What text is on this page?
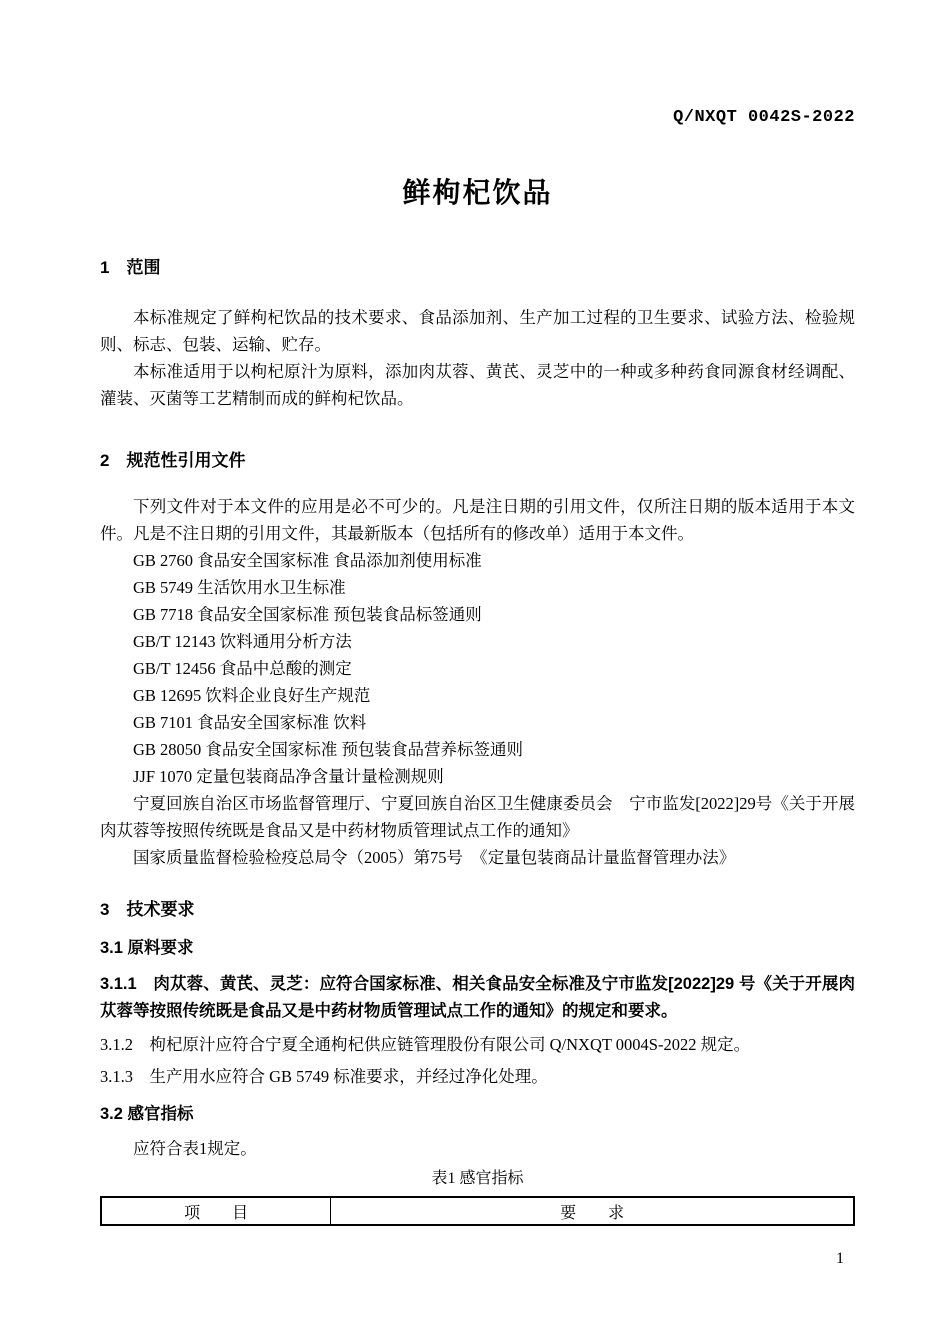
Q/NXQT 0042S-2022
鲜枸杞饮品
1　范围

本标准规定了鲜枸杞饮品的技术要求、食品添加剂、生产加工过程的卫生要求、试验方法、检验规则、标志、包装、运输、贮存。

本标准适用于以枸杞原汁为原料，添加肉苁蓉、黄芪、灵芝中的一种或多种药食同源食材经调配、灌装、灭菌等工艺精制而成的鲜枸杞饮品。

2　规范性引用文件

下列文件对于本文件的应用是必不可少的。凡是注日期的引用文件，仅所注日期的版本适用于本文件。凡是不注日期的引用文件，其最新版本（包括所有的修改单）适用于本文件。

GB 2760 食品安全国家标准 食品添加剂使用标准

GB 5749 生活饮用水卫生标准

GB 7718 食品安全国家标准 预包装食品标签通则

GB/T 12143 饮料通用分析方法

GB/T 12456 食品中总酸的测定

GB 12695 饮料企业良好生产规范

GB 7101 食品安全国家标准 饮料

GB 28050 食品安全国家标准 预包装食品营养标签通则

JJF 1070 定量包装商品净含量计量检测规则

宁夏回族自治区市场监督管理厅、宁夏回族自治区卫生健康委员会　宁市监发[2022]29号《关于开展肉苁蓉等按照传统既是食品又是中药材物质管理试点工作的通知》

国家质量监督检验检疫总局令（2005）第75号　《定量包装商品计量监督管理办法》

3　技术要求
3.1 原料要求

3.1.1　肉苁蓉、黄芪、灵芝：应符合国家标准、相关食品安全标准及宁市监发[2022]29 号《关于开展肉苁蓉等按照传统既是食品又是中药材物质管理试点工作的通知》的规定和要求。

3.1.2　枸杞原汁应符合宁夏全通枸杞供应链管理股份有限公司 Q/NXQT 0004S-2022 规定。

3.1.3　生产用水应符合 GB 5749 标准要求，并经过净化处理。

3.2 感官指标

应符合表1规定。

表1 感官指标

项　　目	要　　求
1
